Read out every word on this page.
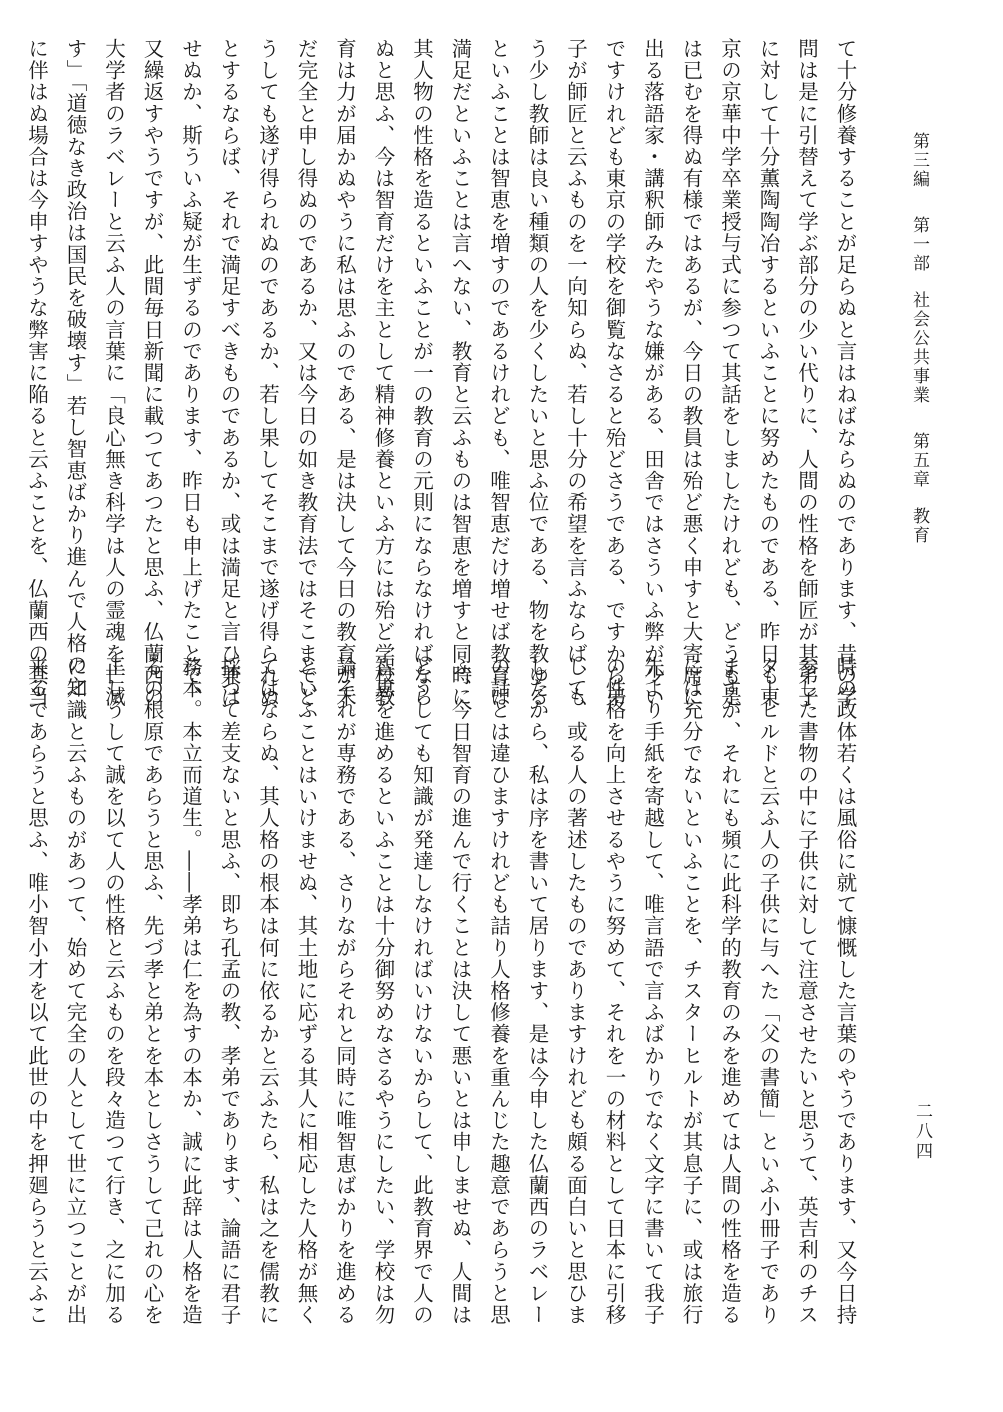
第三編 第一部 社会公共事業 第五章 教育
二八四
て十分修養することが足らぬと言はねばならぬのであります、昔の学
問は是に引替えて学ぶ部分の少い代りに、人間の性格を師匠が其弟子
に対して十分薫陶陶冶するといふことに努めたものである、昨日も東
京の京華中学卒業授与式に参つて其話をしましたけれども、どうも是
は已むを得ぬ有様ではあるが、今日の教員は殆ど悪く申すと大寄席に
出る落語家・講釈師みたやうな嫌がある、田舎ではさういふ弊が少い
ですけれども東京の学校を御覧なさると殆どさうである、ですから弟
子が師匠と云ふものを一向知らぬ、若し十分の希望を言ふならば、も
う少し教師は良い種類の人を少くしたいと思ふ位である、物を教ゆる
といふことは智恵を増すのであるけれども、唯智恵だけ増せば教育は
満足だといふことは言へない、教育と云ふものは智恵を増すと同時に
其人物の性格を造るといふことが一の教育の元則にならなければなら
ぬと思ふ、今は智育だけを主として精神修養といふ方には殆ど学校教
育は力が届かぬやうに私は思ふのである、是は決して今日の教育が未
だ完全と申し得ぬのであるか、又は今日の如き教育法ではそこまでど
うしても遂げ得られぬのであるか、若し果してそこまで遂げ得られぬ
とするならば、それで満足すべきものであるか、或は満足と言ひ兼は
せぬか、斯ういふ疑が生ずるのであります、昨日も申上げたことで、
又繰返すやうですが、此間毎日新聞に載つてあつたと思ふ、仏蘭西の
大学者のラベレーと云ふ人の言葉に「良心無き科学は人の霊魂を亡滅
す」「道徳なき政治は国民を破壊す」若し智恵ばかり進んで人格の之
に伴はぬ場合は今申すやうな弊害に陥ると云ふことを、仏蘭西の其当
時の政体若くは風俗に就て慷慨した言葉のやうであります、又今日持
参した書物の中に子供に対して注意させたいと思うて、英吉利のチス
ターヒルドと云ふ人の子供に与へた「父の書簡」といふ小冊子であり
ますが、それにも頻に此科学的教育のみを進めては人間の性格を造る
には充分でないといふことを、チスターヒルトが其息子に、或は旅行
先より手紙を寄越して、唯言語で言ふばかりでなく文字に書いて我子
の性格を向上させるやうに努めて、それを一の材料として日本に引移
して、或る人の著述したものでありますけれども頗る面白いと思ひま
したから、私は序を書いて居ります、是は今申した仏蘭西のラベレー
の話とは違ひますけれども詰り人格修養を重んじた趣意であらうと思
ふ、今日智育の進んで行くことは決して悪いとは申しませぬ、人間は
どうしても知識が発達しなければいけないからして、此教育界で人の
智恵を進めるといふことは十分御努めなさるやうにしたい、学校は勿
論それが専務である、さりながらそれと同時に唯智恵ばかりを進める
といふことはいけませぬ、其土地に応ずる其人に相応した人格が無く
てはならぬ、其人格の根本は何に依るかと云ふたら、私は之を儒教に
採つて差支ないと思ふ、即ち孔孟の教、孝弟であります、論語に君子
務本。本立而道生。――孝弟は仁を為すの本か、誠に此辞は人格を造
るの根原であらうと思ふ、先づ孝と弟とを本としさうして己れの心を
正しうして誠を以て人の性格と云ふものを段々造つて行き、之に加る
に知識と云ふものがあつて、始めて完全の人として世に立つことが出
来るであらうと思ふ、唯小智小才を以て此世の中を押廻らうと云ふこ
